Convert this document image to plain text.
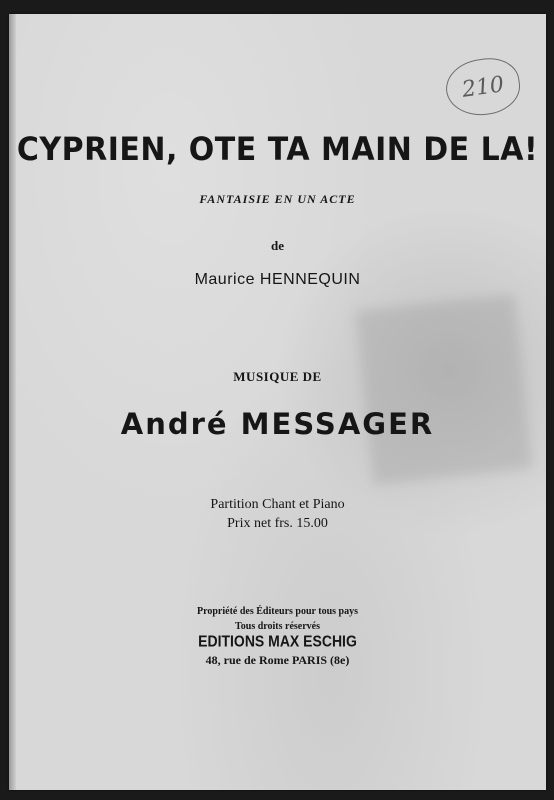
210
CYPRIEN, OTE TA MAIN DE LA!
FANTAISIE EN UN ACTE
de
Maurice HENNEQUIN
MUSIQUE DE
André MESSAGER
Partition Chant et Piano
Prix net frs. 15.00
Propriété des Éditeurs pour tous pays
Tous droits réservés
EDITIONS MAX ESCHIG
48, rue de Rome PARIS (8e)
